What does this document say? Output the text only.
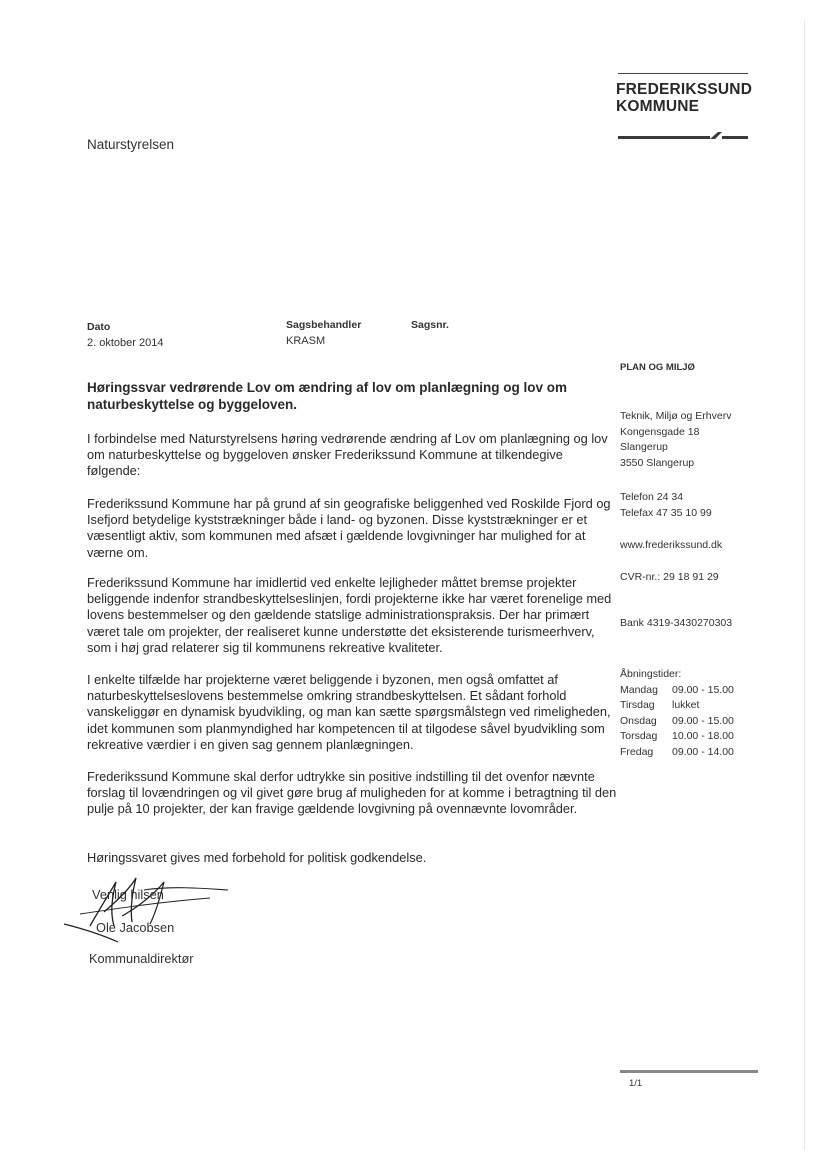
FREDERIKSSUND
KOMMUNE
Naturstyrelsen
Dato
2. oktober 2014
Sagsbehandler
KRASM
Sagsnr.
PLAN OG MILJØ
Høringssvar vedrørende Lov om ændring af lov om planlægning og lov om naturbeskyttelse og byggeloven.

I forbindelse med Naturstyrelsens høring vedrørende ændring af Lov om planlægning og lov om naturbeskyttelse og byggeloven ønsker Frederikssund Kommune at tilkendegive følgende:

Frederikssund Kommune har på grund af sin geografiske beliggenhed ved Roskilde Fjord og Isefjord betydelige kyststrækninger både i land- og byzonen. Disse kyststrækninger er et væsentligt aktiv, som kommunen med afsæt i gældende lovgivninger har mulighed for at værne om.

Frederikssund Kommune har imidlertid ved enkelte lejligheder måttet bremse projekter beliggende indenfor strandbeskyttelseslinjen, fordi projekterne ikke har været forenelige med lovens bestemmelser og den gældende statslige administrationspraksis. Der har primært været tale om projekter, der realiseret kunne understøtte det eksisterende turismeerhverv, som i høj grad relaterer sig til kommunens rekreative kvaliteter.

I enkelte tilfælde har projekterne været beliggende i byzonen, men også omfattet af naturbeskyttelseslovens bestemmelse omkring strandbeskyttelsen. Et sådant forhold vanskeliggør en dynamisk byudvikling, og man kan sætte spørgsmålstegn ved rimeligheden, idet kommunen som planmyndighed har kompetencen til at tilgodese såvel byudvikling som rekreative værdier i en given sag gennem planlægningen.

Frederikssund Kommune skal derfor udtrykke sin positive indstilling til det ovenfor nævnte forslag til lovændringen og vil givet gøre brug af muligheden for at komme i betragtning til den pulje på 10 projekter, der kan fravige gældende lovgivning på ovennævnte lovområder.

Høringssvaret gives med forbehold for politisk godkendelse.

Teknik, Miljø og Erhverv
Kongensgade 18
Slangerup
3550 Slangerup
Telefon 24 34
Telefax 47 35 10 99
www.frederikssund.dk
CVR-nr.: 29 18 91 29
Bank 4319-3430270303
Åbningstider:
Mandag	09.00 - 15.00
Tirsdag	lukket
Onsdag	09.00 - 15.00
Torsdag	10.00 - 18.00
Fredag	09.00 - 14.00
Venlig hilsen
Ole Jacobsen
Kommunaldirektør
1/1
